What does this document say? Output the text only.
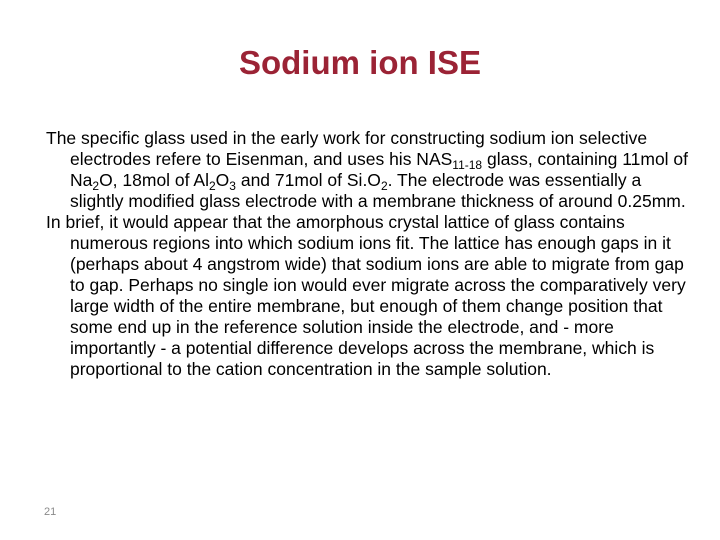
Sodium ion ISE

The specific glass used in the early work for constructing sodium ion selective electrodes refere to Eisenman, and uses his $NAS_{11-18}$ glass, containing 11mol of $Na_2O$, 18mol of $Al_2O_3$ and 71mol of $Si.O_2$. The electrode was essentially a slightly modified glass electrode with a membrane thickness of around 0.25mm.

In brief, it would appear that the amorphous crystal lattice of glass contains numerous regions into which sodium ions fit. The lattice has enough gaps in it (perhaps about 4 angstrom wide) that sodium ions are able to migrate from gap to gap. Perhaps no single ion would ever migrate across the comparatively very large width of the entire membrane, but enough of them change position that some end up in the reference solution inside the electrode, and - more importantly - a potential difference develops across the membrane, which is proportional to the cation concentration in the sample solution.

21
